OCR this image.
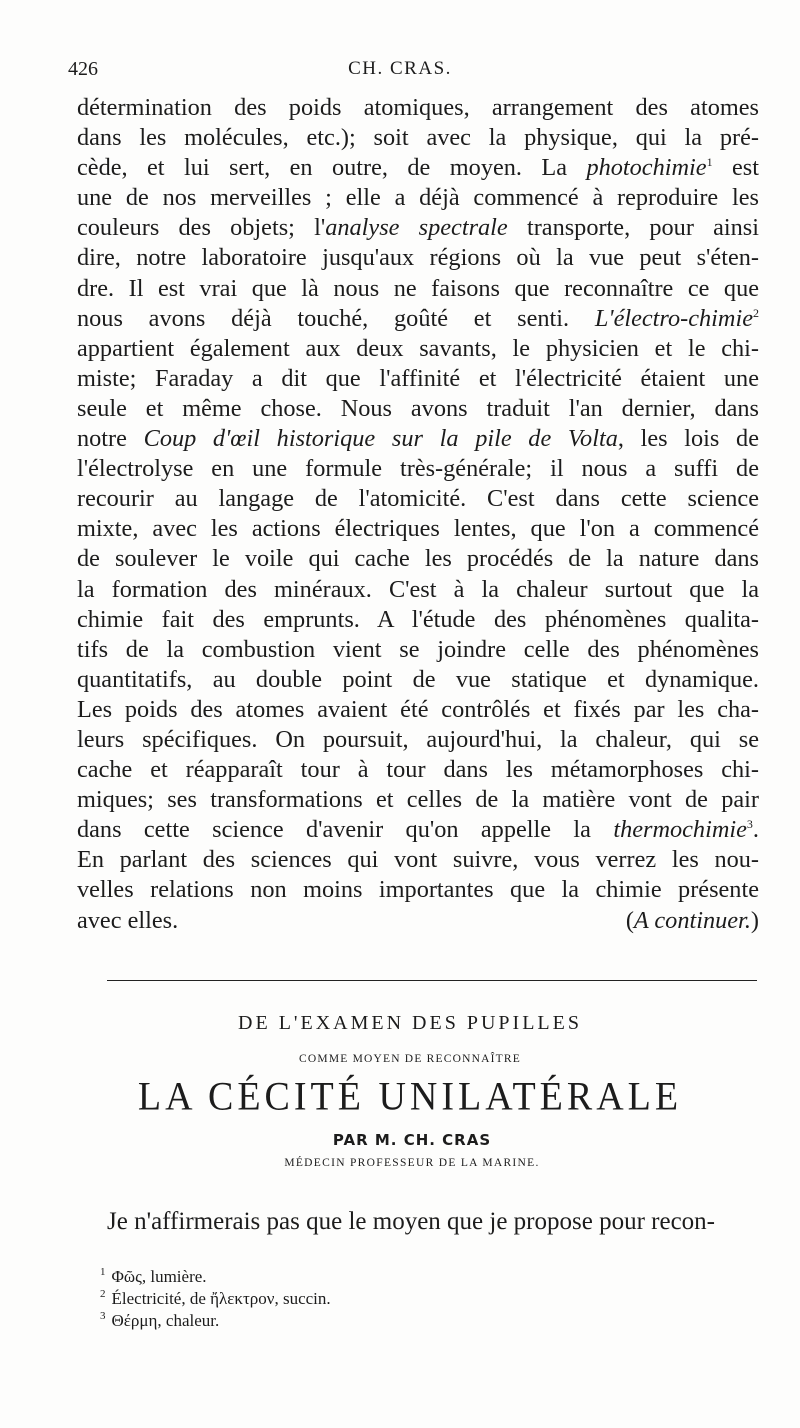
426	CH. CRAS.
détermination des poids atomiques, arrangement des atomes
dans les molécules, etc.); soit avec la physique, qui la pré-
cède, et lui sert, en outre, de moyen. La photochimie$^1$ est
une de nos merveilles ; elle a déjà commencé à reproduire les
couleurs des objets; l'analyse spectrale transporte, pour ainsi
dire, notre laboratoire jusqu'aux régions où la vue peut s'éten-
dre. Il est vrai que là nous ne faisons que reconnaître ce que
nous avons déjà touché, goûté et senti. L'électro-chimie$^2$
appartient également aux deux savants, le physicien et le chi-
miste; Faraday a dit que l'affinité et l'électricité étaient une
seule et même chose. Nous avons traduit l'an dernier, dans
notre Coup d'œil historique sur la pile de Volta, les lois de
l'électrolyse en une formule très-générale; il nous a suffi de
recourir au langage de l'atomicité. C'est dans cette science
mixte, avec les actions électriques lentes, que l'on a commencé
de soulever le voile qui cache les procédés de la nature dans
la formation des minéraux. C'est à la chaleur surtout que la
chimie fait des emprunts. A l'étude des phénomènes qualita-
tifs de la combustion vient se joindre celle des phénomènes
quantitatifs, au double point de vue statique et dynamique.
Les poids des atomes avaient été contrôlés et fixés par les cha-
leurs spécifiques. On poursuit, aujourd'hui, la chaleur, qui se
cache et réapparaît tour à tour dans les métamorphoses chi-
miques; ses transformations et celles de la matière vont de pair
dans cette science d'avenir qu'on appelle la thermochimie$^3$.
En parlant des sciences qui vont suivre, vous verrez les nou-
velles relations non moins importantes que la chimie présente
avec elles.	(A continuer.)
DE L'EXAMEN DES PUPILLES
COMME MOYEN DE RECONNAÎTRE
LA CÉCITÉ UNILATÉRALE
PAR M. CH. CRAS
MÉDECIN PROFESSEUR DE LA MARINE.
Je n'affirmerais pas que le moyen que je propose pour recon-
$^1$ Φῶς, lumière.
$^2$ Électricité, de ἤλεκτρον, succin.
$^3$ Θέρμη, chaleur.
